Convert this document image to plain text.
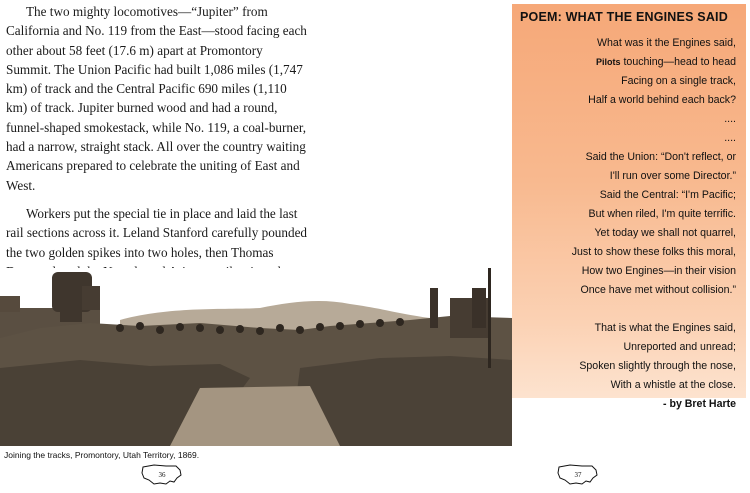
The two mighty locomotives—“Jupiter” from California and No. 119 from the East—stood facing each other about 58 feet (17.6 m) apart at Promontory Summit. The Union Pacific had built 1,086 miles (1,747 km) of track and the Central Pacific 690 miles (1,110 km) of track. Jupiter burned wood and had a round, funnel-shaped smokestack, while No. 119, a coal-burner, had a narrow, straight stack. All over the country waiting Americans prepared to celebrate the uniting of East and West.

Workers put the special tie in place and laid the last rail sections across it. Leland Stanford carefully pounded the two golden spikes into two holes, then Thomas

Joining the tracks, Promontory, Utah Territory, 1869.
36
POEM: WHAT THE ENGINES SAID
What was it the Engines said,
Pilots touching—head to head
Facing on a single track,
Half a world behind each back?
....
....
Said the Union: “Don't reflect, or
I'll run over some Director.”
Said the Central: “I'm Pacific;
But when riled, I'm quite terrific.
Yet today we shall not quarrel,
Just to show these folks this moral,
How two Engines—in their vision
Once have met without collision.”
That is what the Engines said,
Unreported and unread;
Spoken slightly through the nose,
With a whistle at the close.
- by Bret Harte
37
